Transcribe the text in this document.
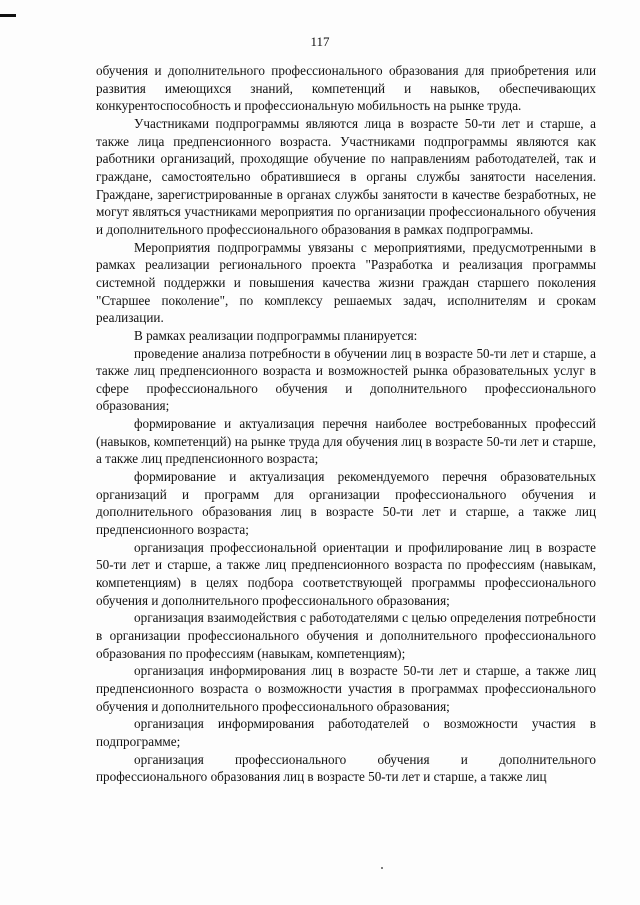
117

обучения и дополнительного профессионального образования для приобретения или развития имеющихся знаний, компетенций и навыков, обеспечивающих конкурентоспособность и профессиональную мобильность на рынке труда.

Участниками подпрограммы являются лица в возрасте 50-ти лет и старше, а также лица предпенсионного возраста. Участниками подпрограммы являются как работники организаций, проходящие обучение по направлениям работодателей, так и граждане, самостоятельно обратившиеся в органы службы занятости населения. Граждане, зарегистрированные в органах службы занятости в качестве безработных, не могут являться участниками мероприятия по организации профессионального обучения и дополнительного профессионального образования в рамках подпрограммы.

Мероприятия подпрограммы увязаны с мероприятиями, предусмотренными в рамках реализации регионального проекта "Разработка и реализация программы системной поддержки и повышения качества жизни граждан старшего поколения "Старшее поколение", по комплексу решаемых задач, исполнителям и срокам реализации.

В рамках реализации подпрограммы планируется:

проведение анализа потребности в обучении лиц в возрасте 50-ти лет и старше, а также лиц предпенсионного возраста и возможностей рынка образовательных услуг в сфере профессионального обучения и дополнительного профессионального образования;

формирование и актуализация перечня наиболее востребованных профессий (навыков, компетенций) на рынке труда для обучения лиц в возрасте 50-ти лет и старше, а также лиц предпенсионного возраста;

формирование и актуализация рекомендуемого перечня образовательных организаций и программ для организации профессионального обучения и дополнительного образования лиц в возрасте 50-ти лет и старше, а также лиц предпенсионного возраста;

организация профессиональной ориентации и профилирование лиц в возрасте 50-ти лет и старше, а также лиц предпенсионного возраста по профессиям (навыкам, компетенциям) в целях подбора соответствующей программы профессионального обучения и дополнительного профессионального образования;

организация взаимодействия с работодателями с целью определения потребности в организации профессионального обучения и дополнительного профессионального образования по профессиям (навыкам, компетенциям);

организация информирования лиц в возрасте 50-ти лет и старше, а также лиц предпенсионного возраста о возможности участия в программах профессионального обучения и дополнительного профессионального образования;

организация информирования работодателей о возможности участия в подпрограмме;

организация профессионального обучения и дополнительного профессионального образования лиц в возрасте 50-ти лет и старше, а также лиц
